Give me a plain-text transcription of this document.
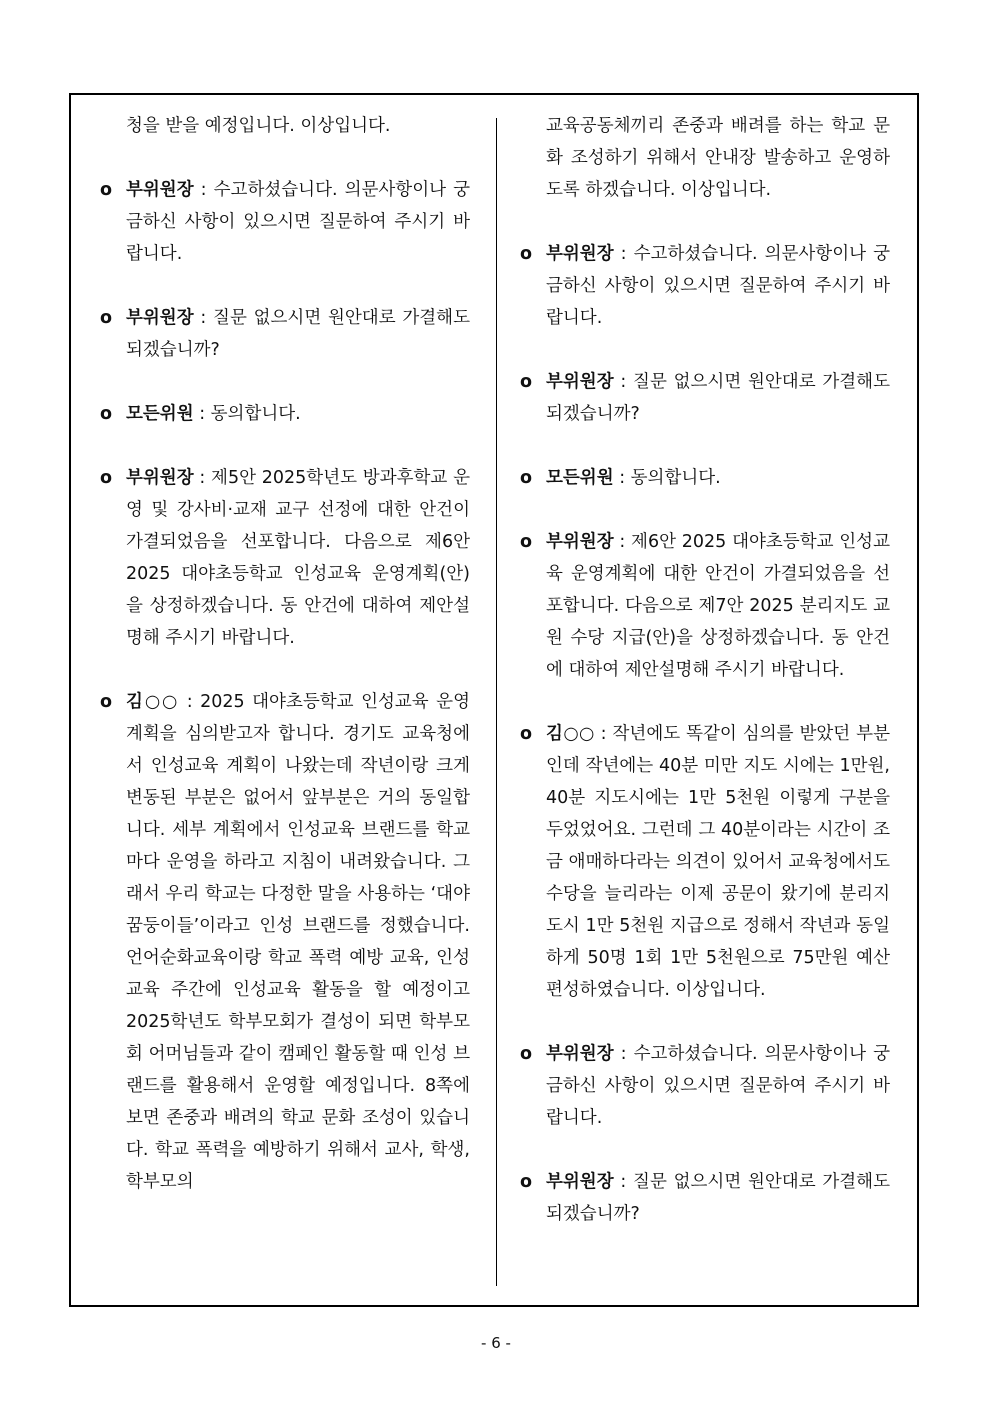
청을 받을 예정입니다. 이상입니다.
o 부위원장 : 수고하셨습니다. 의문사항이나 궁금하신 사항이 있으시면 질문하여 주시기 바랍니다.
o 부위원장 : 질문 없으시면 원안대로 가결해도 되겠습니까?
o 모든위원 : 동의합니다.
o 부위원장 : 제5안 2025학년도 방과후학교 운영 및 강사비·교재 교구 선정에 대한 안건이 가결되었음을 선포합니다. 다음으로 제6안 2025 대야초등학교 인성교육 운영계획(안)을 상정하겠습니다. 동 안건에 대하여 제안설명해 주시기 바랍니다.
o 김○○ : 2025 대야초등학교 인성교육 운영 계획을 심의받고자 합니다. 경기도 교육청에서 인성교육 계획이 나왔는데 작년이랑 크게 변동된 부분은 없어서 앞부분은 거의 동일합니다. 세부 계획에서 인성교육 브랜드를 학교마다 운영을 하라고 지침이 내려왔습니다. 그래서 우리 학교는 다정한 말을 사용하는 ‘대야 꿈둥이들’이라고 인성 브랜드를 정했습니다. 언어순화교육이랑 학교 폭력 예방 교육, 인성교육 주간에 인성교육 활동을 할 예정이고 2025학년도 학부모회가 결성이 되면 학부모회 어머님들과 같이 캠페인 활동할 때 인성 브랜드를 활용해서 운영할 예정입니다. 8쪽에 보면 존중과 배려의 학교 문화 조성이 있습니다. 학교 폭력을 예방하기 위해서 교사, 학생, 학부모의
교육공동체끼리 존중과 배려를 하는 학교 문화 조성하기 위해서 안내장 발송하고 운영하도록 하겠습니다. 이상입니다.
o 부위원장 : 수고하셨습니다. 의문사항이나 궁금하신 사항이 있으시면 질문하여 주시기 바랍니다.
o 부위원장 : 질문 없으시면 원안대로 가결해도 되겠습니까?
o 모든위원 : 동의합니다.
o 부위원장 : 제6안 2025 대야초등학교 인성교육 운영계획에 대한 안건이 가결되었음을 선포합니다. 다음으로 제7안 2025 분리지도 교원 수당 지급(안)을 상정하겠습니다. 동 안건에 대하여 제안설명해 주시기 바랍니다.
o 김○○ : 작년에도 똑같이 심의를 받았던 부분인데 작년에는 40분 미만 지도 시에는 1만원, 40분 지도시에는 1만 5천원 이렇게 구분을 두었었어요. 그런데 그 40분이라는 시간이 조금 애매하다라는 의견이 있어서 교육청에서도 수당을 늘리라는 이제 공문이 왔기에 분리지도시 1만 5천원 지급으로 정해서 작년과 동일하게 50명 1회 1만 5천원으로 75만원 예산 편성하였습니다. 이상입니다.
o 부위원장 : 수고하셨습니다. 의문사항이나 궁금하신 사항이 있으시면 질문하여 주시기 바랍니다.
o 부위원장 : 질문 없으시면 원안대로 가결해도 되겠습니까?
- 6 -
